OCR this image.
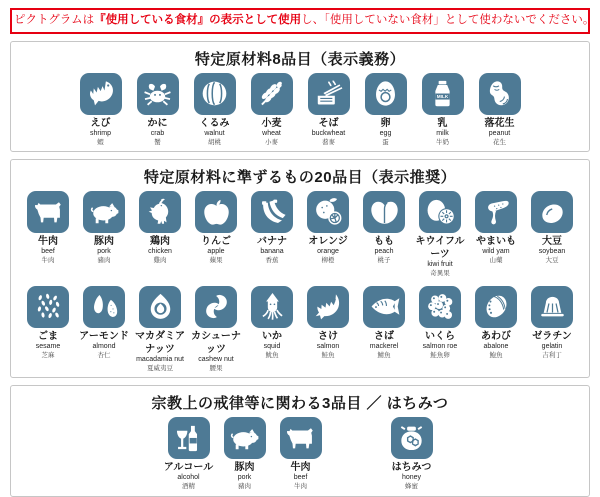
ピクトグラムは『使用している食材』の表示として使用し、「使用していない食材」として使わないでください。
特定原材料8品目（表示義務）
えび
shrimp
蝦
かに
crab
蟹
くるみ
walnut
胡桃
小麦
wheat
小麥
そば
buckwheat
蕎麥
卵
egg
蛋
MILK
乳
milk
牛奶
落花生
peanut
花生
特定原材料に準ずるもの20品目（表示推奨）
牛肉
beef
牛肉
豚肉
pork
豬肉
鶏肉
chicken
雞肉
りんご
apple
蘋果
バナナ
banana
香蕉
オレンジ
orange
柳橙
もも
peach
桃子
キウイフルーツ
kiwi fruit
奇異果
やまいも
wild yam
山藥
大豆
soybean
大豆
ごま
sesame
芝麻
アーモンド
almond
杏仁
マカダミアナッツ
macadamia nut
夏威夷豆
カシューナッツ
cashew nut
腰果
いか
squid
魷魚
さけ
salmon
鮭魚
さば
mackerel
鯖魚
いくら
salmon roe
鮭魚卵
あわび
abalone
鮑魚
ゼラチン
gelatin
吉利丁
宗教上の戒律等に関わる3品目 ／ はちみつ
アルコール
alcohol
酒精
豚肉
pork
豬肉
牛肉
beef
牛肉
はちみつ
honey
蜂蜜
